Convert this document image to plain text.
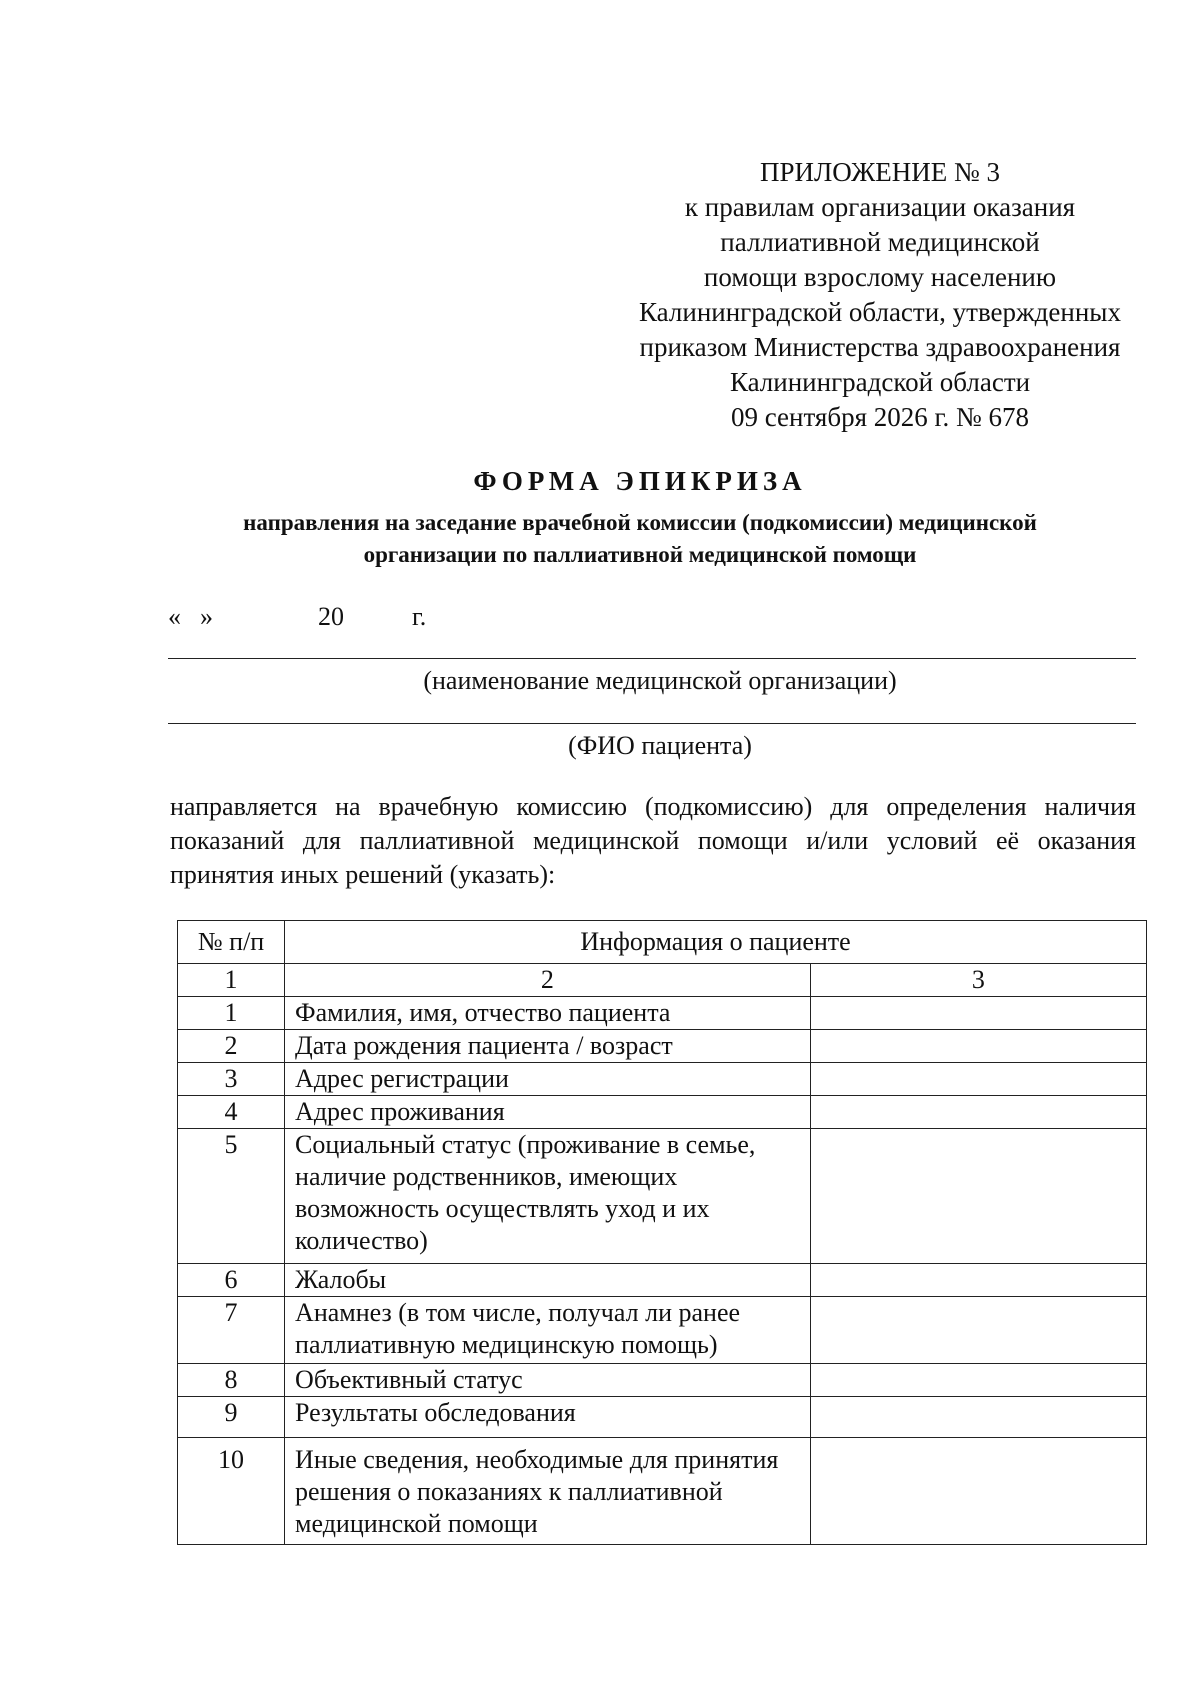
ПРИЛОЖЕНИЕ № 3
к правилам организации оказания
паллиативной медицинской
помощи взрослому населению
Калининградской области, утвержденных
приказом Министерства здравоохранения
Калининградской области
09 сентября 2026 г. № 678
ФОРМА ЭПИКРИЗА
направления на заседание врачебной комиссии (подкомиссии) медицинской
организации по паллиативной медицинской помощи
« »	20	г.
(наименование медицинской организации)
(ФИО пациента)
направляется на врачебную комиссию (подкомиссию) для определения наличия показаний для паллиативной медицинской помощи и/или условий её оказания принятия иных решений (указать):
№ п/п	Информация о пациенте	
1	2	3
1	Фамилия, имя, отчество пациента	
2	Дата рождения пациента / возраст	
3	Адрес регистрации	
4	Адрес проживания	
5	Социальный статус (проживание в семье, наличие родственников, имеющих возможность осуществлять уход и их количество)	
6	Жалобы	
7	Анамнез (в том числе, получал ли ранее паллиативную медицинскую помощь)	
8	Объективный статус	
9	Результаты обследования	
10	Иные сведения, необходимые для принятия решения о показаниях к паллиативной медицинской помощи	
